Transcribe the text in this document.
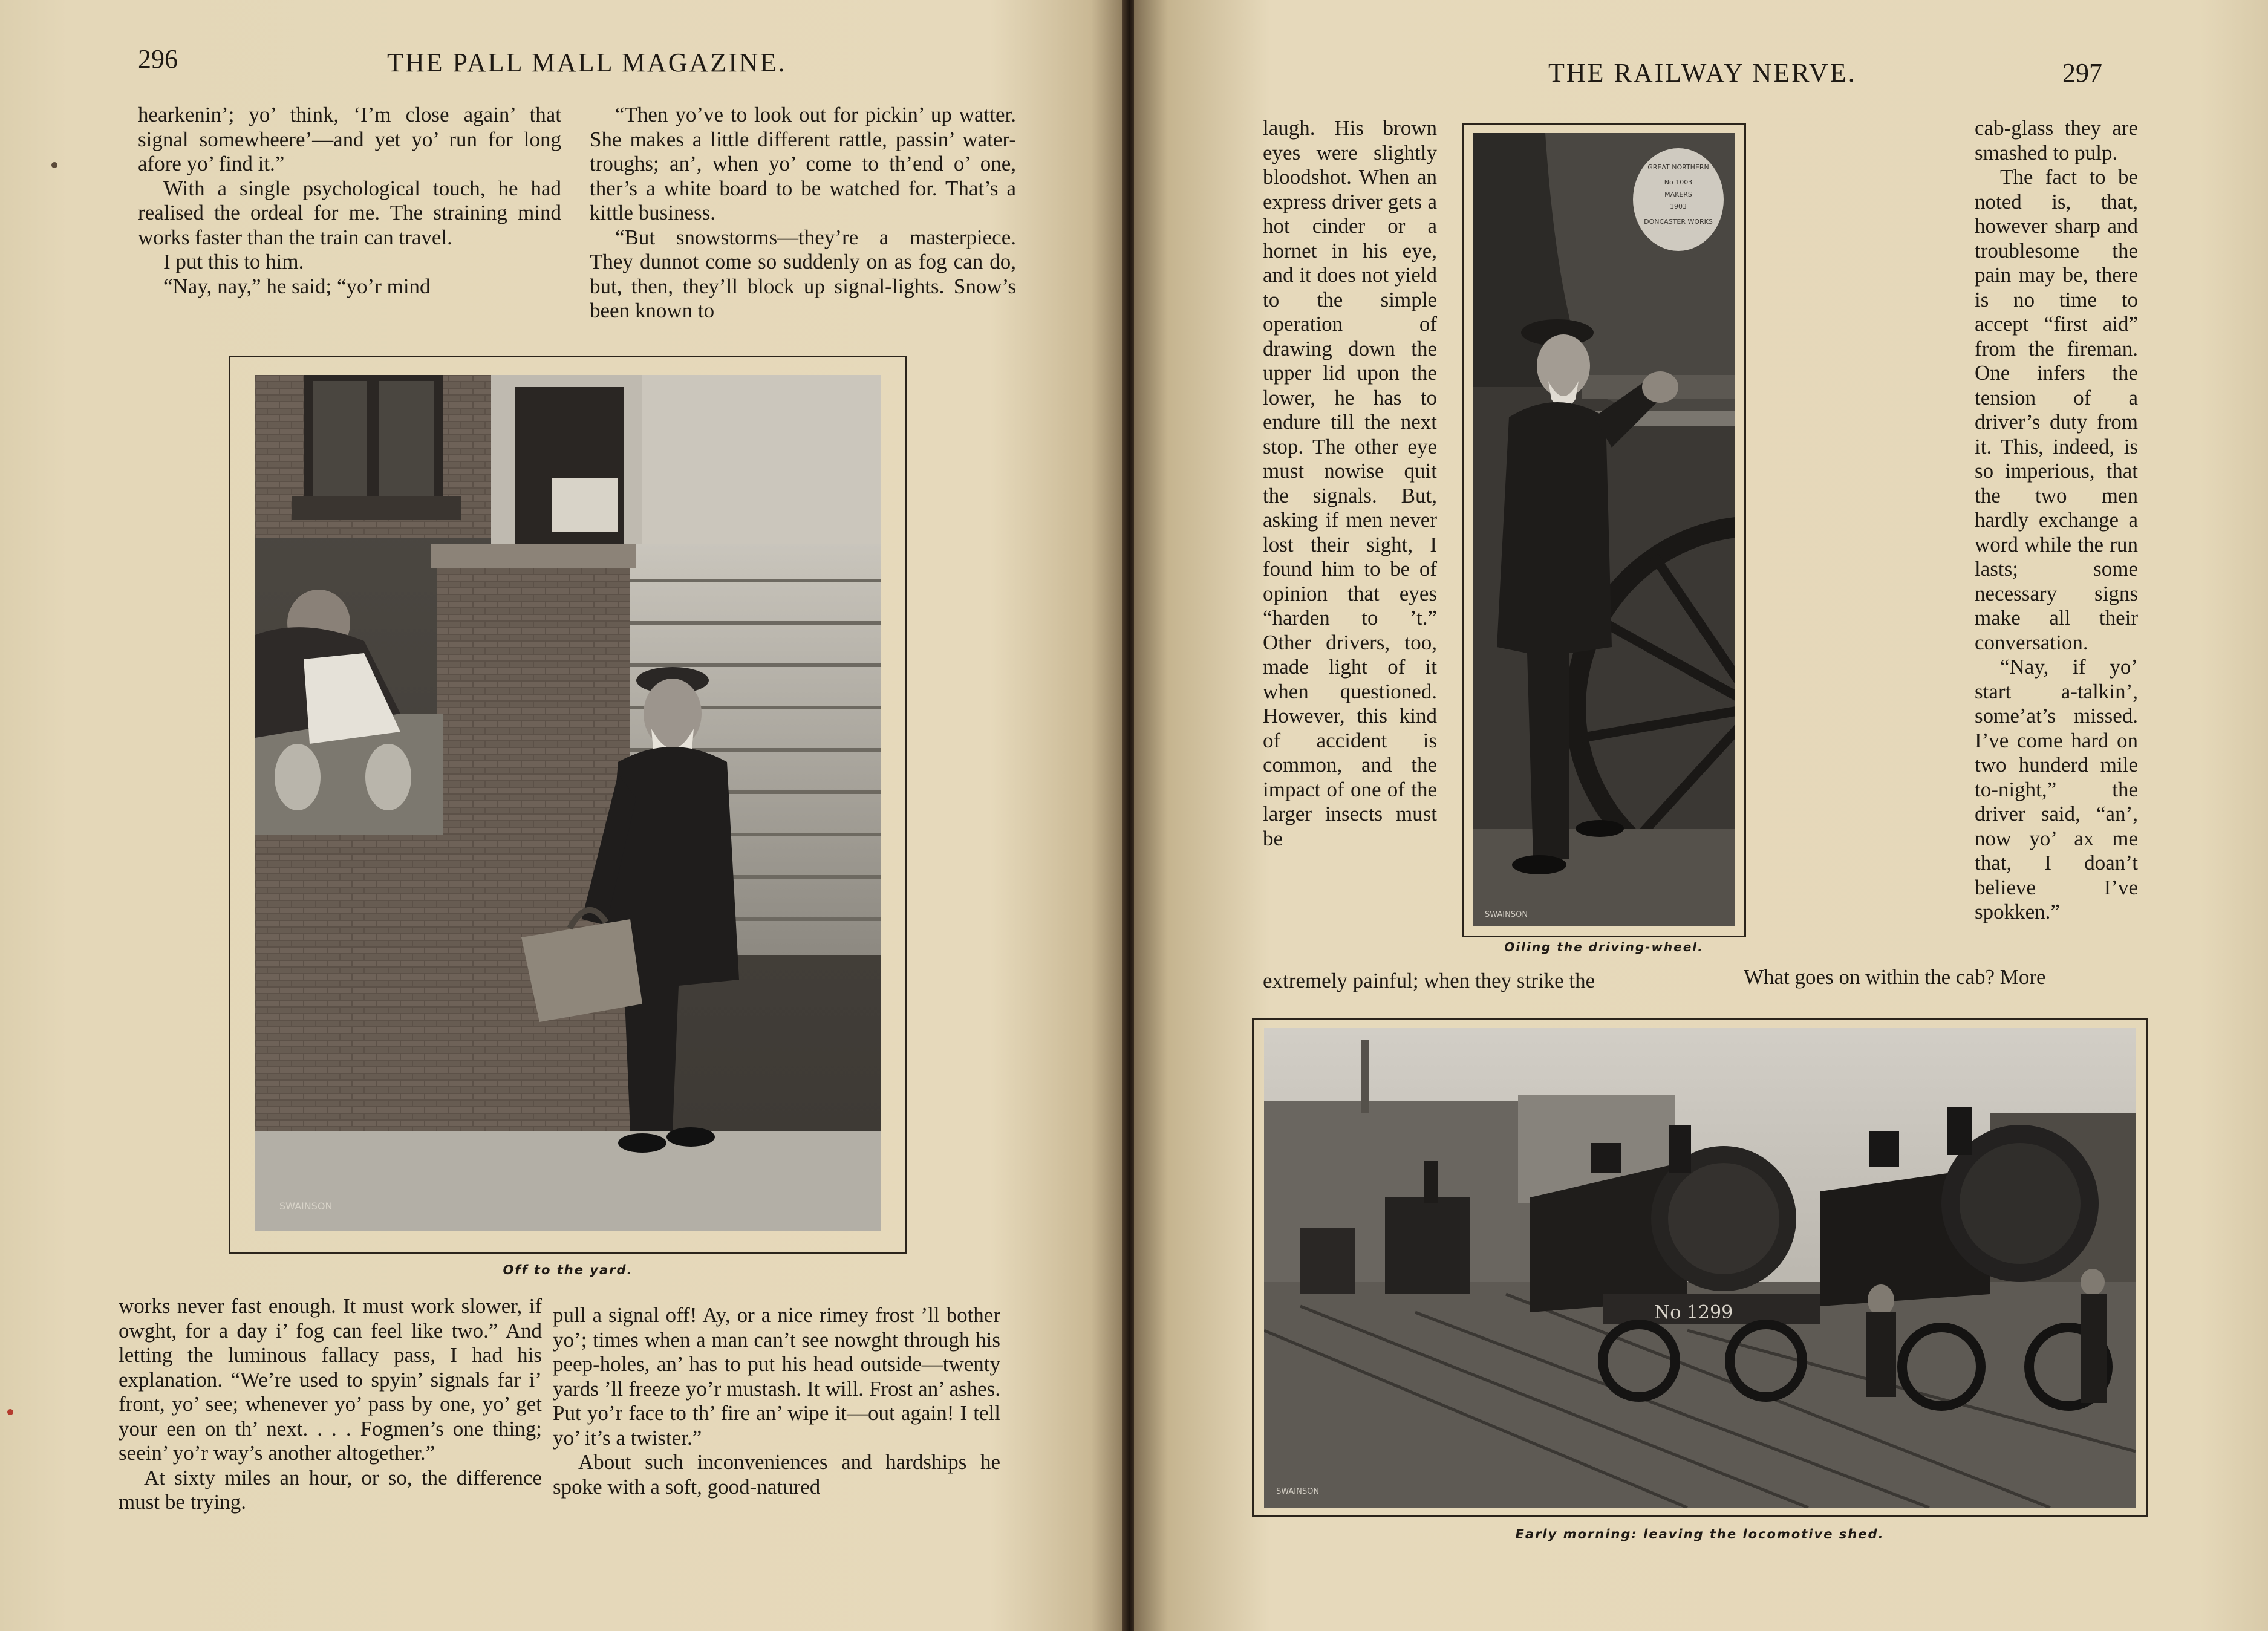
296	THE PALL MALL MAGAZINE.

hearkenin’; yo’ think, ‘I’m close again’ that signal somewheere’—and yet yo’ run for long afore yo’ find it.”

With a single psychological touch, he had realised the ordeal for me. The straining mind works faster than the train can travel.

I put this to him.

“Nay, nay,” he said; “yo’r mind

“Then yo’ve to look out for pickin’ up watter. She makes a little different rattle, passin’ water-troughs; an’, when yo’ come to th’end o’ one, ther’s a white board to be watched for. That’s a kittle business.

“But snowstorms—they’re a masterpiece. They dunnot come so suddenly on as fog can do, but, then, they’ll block up signal-lights. Snow’s been known to

SWAINSON
Off to the yard.

works never fast enough. It must work slower, if owght, for a day i’ fog can feel like two.” And letting the luminous fallacy pass, I had his explanation. “We’re used to spyin’ signals far i’ front, yo’ see; whenever yo’ pass by one, yo’ get your een on th’ next. . . . Fogmen’s one thing; seein’ yo’r way’s another altogether.”

At sixty miles an hour, or so, the difference must be trying.

pull a signal off! Ay, or a nice rimey frost ’ll bother yo’; times when a man can’t see nowght through his peep-holes, an’ has to put his head outside—twenty yards ’ll freeze yo’r mustash. It will. Frost an’ ashes. Put yo’r face to th’ fire an’ wipe it—out again! I tell yo’ it’s a twister.”

About such inconveniences and hardships he spoke with a soft, good-natured

THE RAILWAY NERVE.	297
laugh. His brown eyes were slightly bloodshot. When an express driver gets a hot cinder or a hornet in his eye, and it does not yield to the simple operation of drawing down the upper lid upon the lower, he has to endure till the next stop. The other eye must nowise quit the signals. But, asking if men never lost their sight, I found him to be of opinion that eyes “harden to ’t.” Other drivers, too, made light of it when questioned. However, this kind of accident is common, and the impact of one of the larger insects must be
GREAT NORTHERN
No 1003
MAKERS
1903
DONCASTER WORKS
SWAINSON
Oiling the driving-wheel.

cab-glass they are smashed to pulp.

The fact to be noted is, that, however sharp and troublesome the pain may be, there is no time to accept “first aid” from the fireman. One infers the tension of a driver’s duty from it. This, indeed, is so imperious, that the two men hardly exchange a word while the run lasts; some necessary signs make all their conversation.

“Nay, if yo’ start a-talkin’, some’at’s missed. I’ve come hard on two hunderd mile to-night,” the driver said, “an’, now yo’ ax me that, I doan’t believe I’ve spokken.”

extremely painful; when they strike the	What goes on within the cab? More
No 1299
SWAINSON
Early morning: leaving the locomotive shed.
